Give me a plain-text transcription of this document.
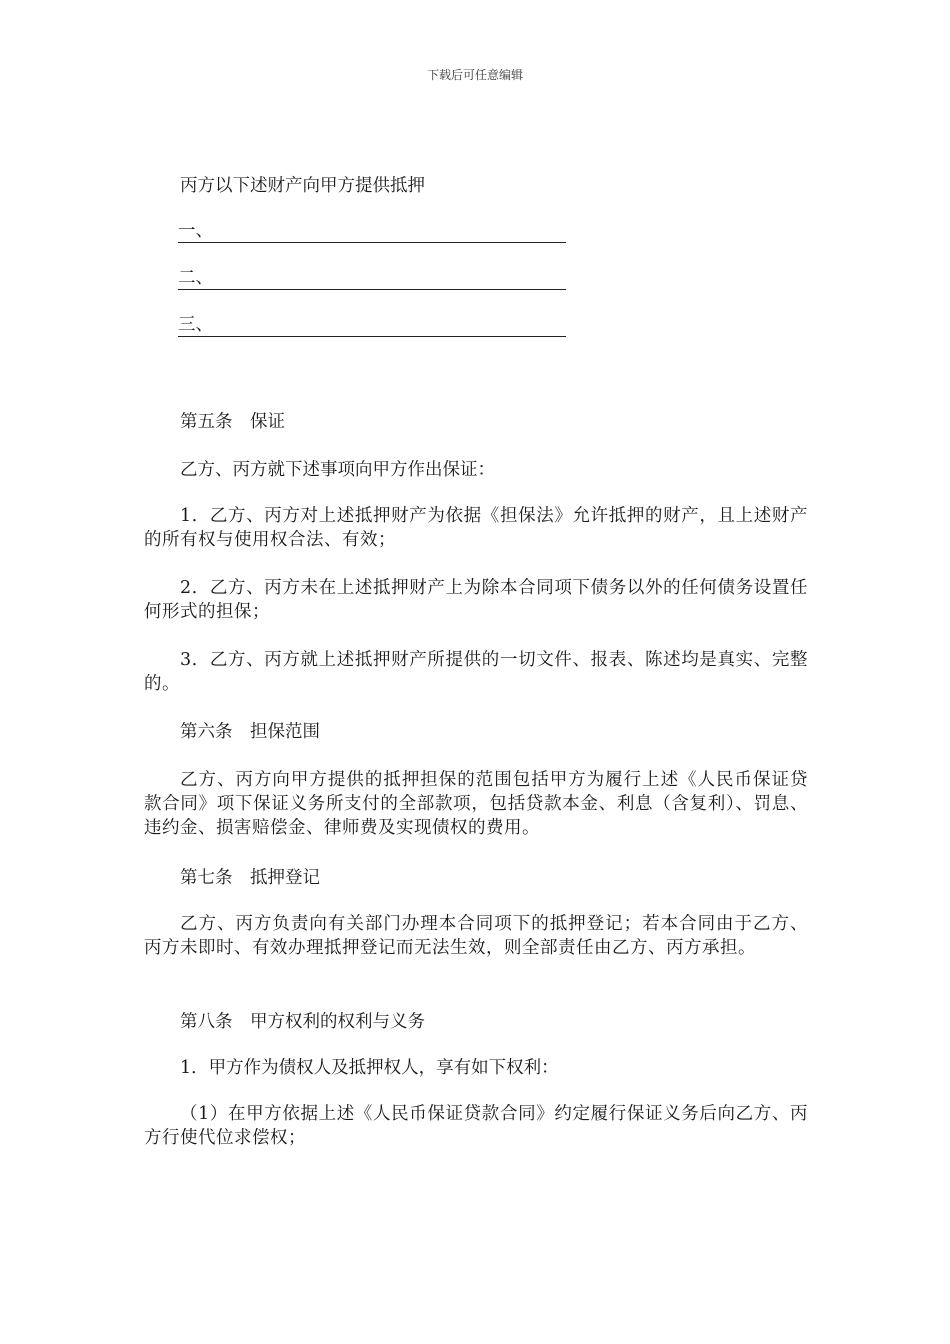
下载后可任意编辑
丙方以下述财产向甲方提供抵押
一、
二、
三、
第五条　保证
乙方、丙方就下述事项向甲方作出保证：

1．乙方、丙方对上述抵押财产为依据《担保法》允许抵押的财产，且上述财产的所有权与使用权合法、有效；

2．乙方、丙方未在上述抵押财产上为除本合同项下债务以外的任何债务设置任何形式的担保；

3．乙方、丙方就上述抵押财产所提供的一切文件、报表、陈述均是真实、完整的。

第六条　担保范围

乙方、丙方向甲方提供的抵押担保的范围包括甲方为履行上述《人民币保证贷款合同》项下保证义务所支付的全部款项，包括贷款本金、利息（含复利）、罚息、违约金、损害赔偿金、律师费及实现债权的费用。

第七条　抵押登记

乙方、丙方负责向有关部门办理本合同项下的抵押登记；若本合同由于乙方、丙方未即时、有效办理抵押登记而无法生效，则全部责任由乙方、丙方承担。

第八条　甲方权利的权利与义务
1．甲方作为债权人及抵押权人，享有如下权利：

（1）在甲方依据上述《人民币保证贷款合同》约定履行保证义务后向乙方、丙方行使代位求偿权；
